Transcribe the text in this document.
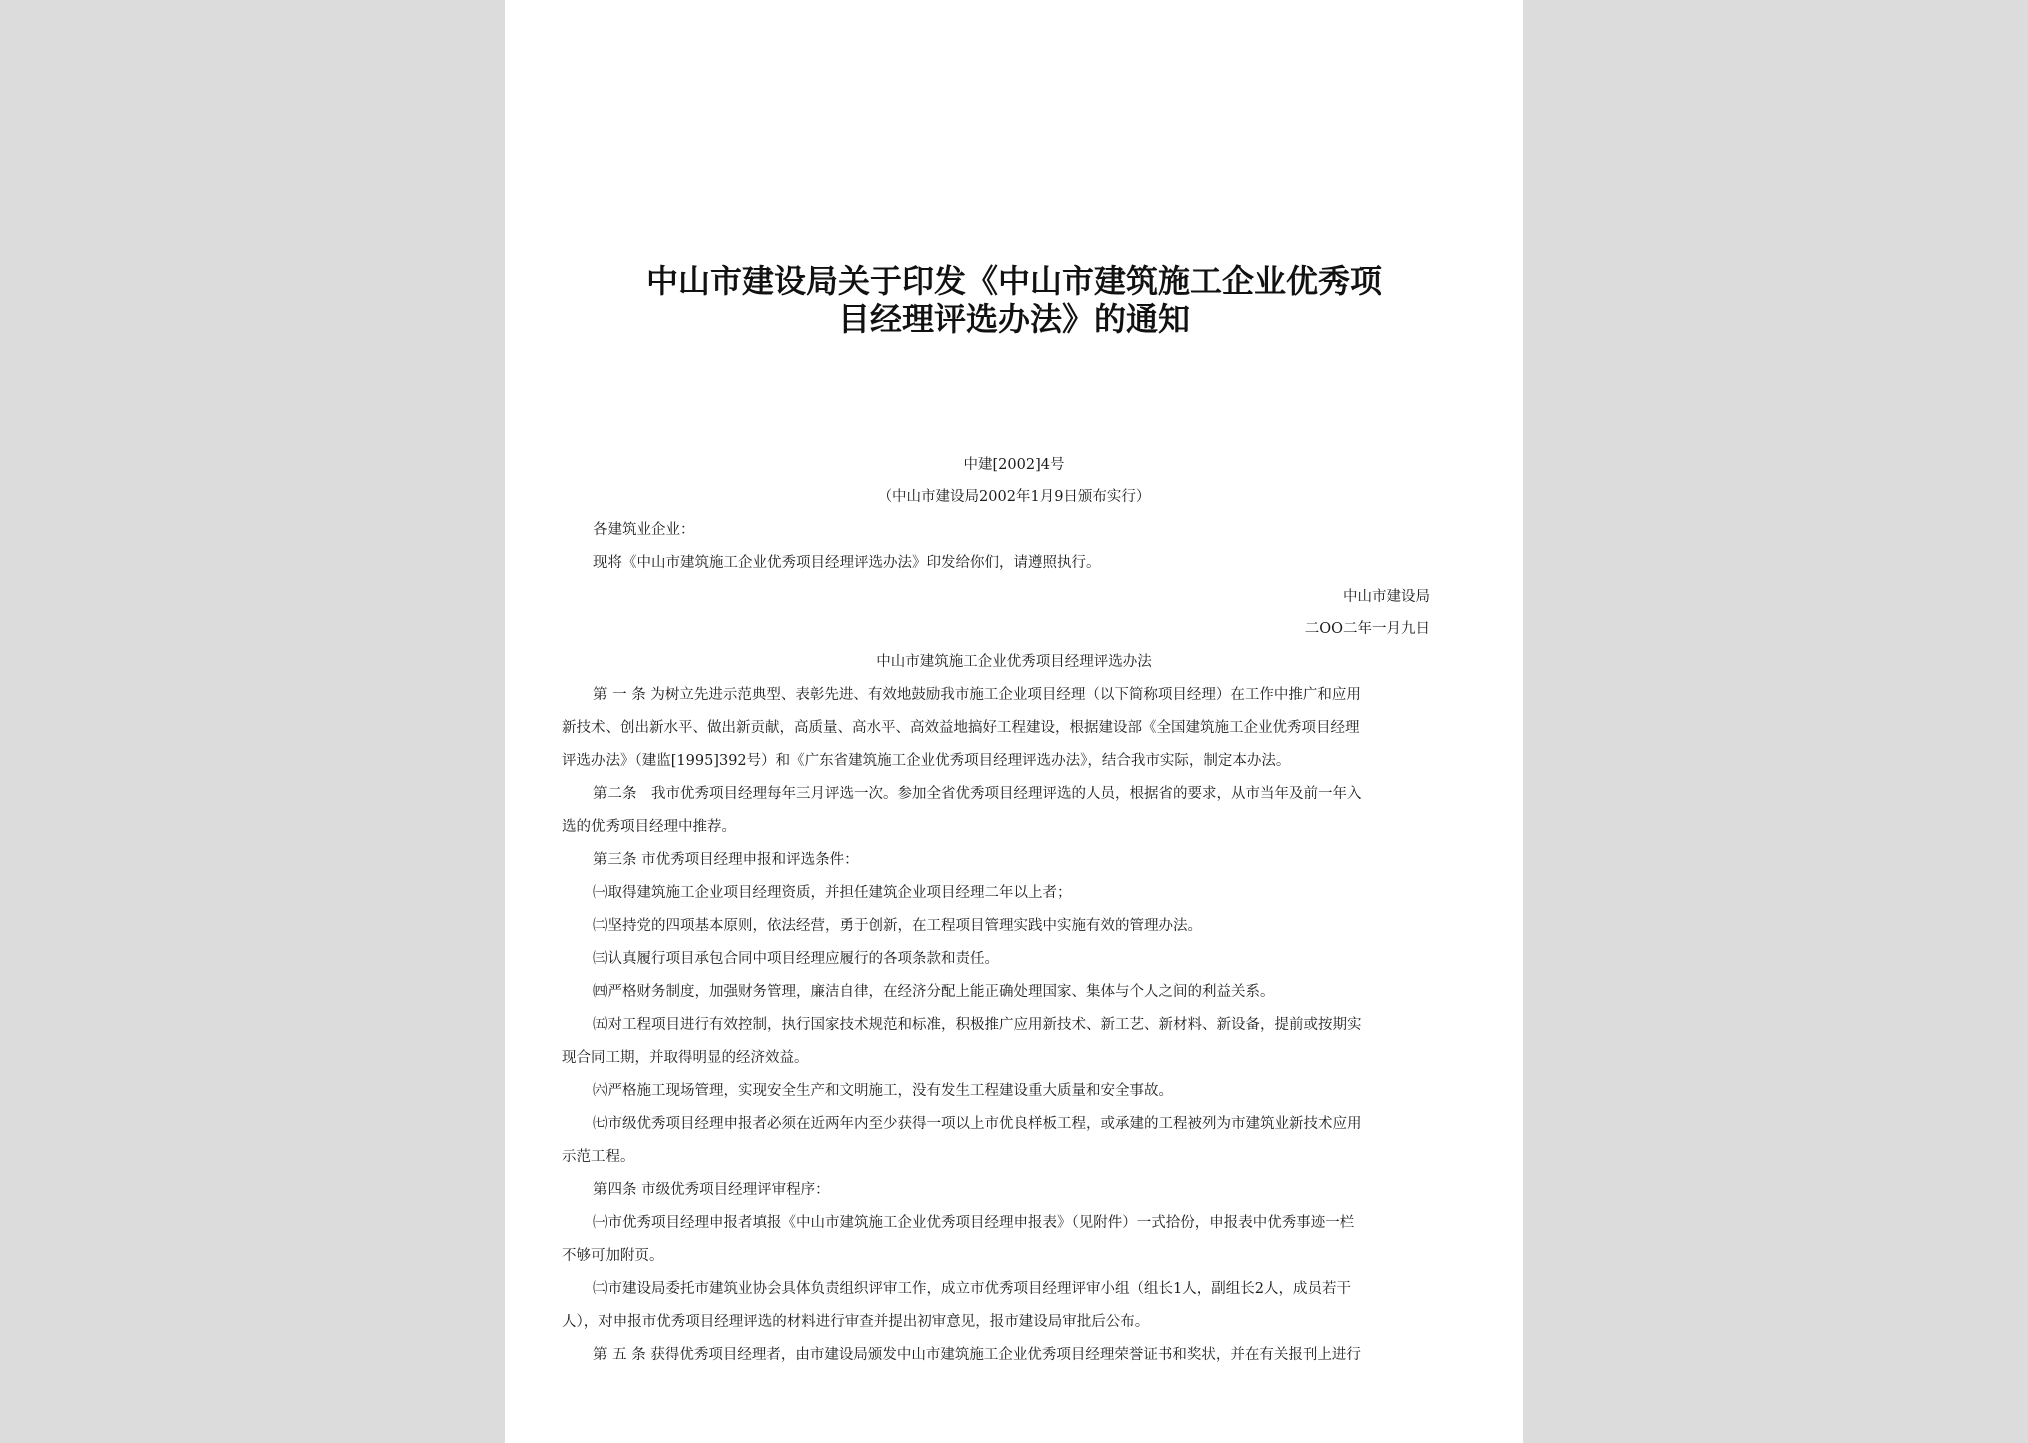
中山市建设局关于印发《中山市建筑施工企业优秀项
目经理评选办法》的通知
中建[2002]4号
（中山市建设局2002年1月9日颁布实行）
各建筑业企业：
现将《中山市建筑施工企业优秀项目经理评选办法》印发给你们，请遵照执行。
中山市建设局
二OO二年一月九日
中山市建筑施工企业优秀项目经理评选办法
第 一 条 为树立先进示范典型、表彰先进、有效地鼓励我市施工企业项目经理（以下简称项目经理）在工作中推广和应用
新技术、创出新水平、做出新贡献，高质量、高水平、高效益地搞好工程建设，根据建设部《全国建筑施工企业优秀项目经理
评选办法》（建监[1995]392号）和《广东省建筑施工企业优秀项目经理评选办法》，结合我市实际，制定本办法。
第二条　我市优秀项目经理每年三月评选一次。参加全省优秀项目经理评选的人员，根据省的要求，从市当年及前一年入
选的优秀项目经理中推荐。
第三条 市优秀项目经理申报和评选条件：
㈠取得建筑施工企业项目经理资质，并担任建筑企业项目经理二年以上者；
㈡坚持党的四项基本原则，依法经营，勇于创新，在工程项目管理实践中实施有效的管理办法。
㈢认真履行项目承包合同中项目经理应履行的各项条款和责任。
㈣严格财务制度，加强财务管理，廉洁自律，在经济分配上能正确处理国家、集体与个人之间的利益关系。
㈤对工程项目进行有效控制，执行国家技术规范和标准，积极推广应用新技术、新工艺、新材料、新设备，提前或按期实
现合同工期，并取得明显的经济效益。
㈥严格施工现场管理，实现安全生产和文明施工，没有发生工程建设重大质量和安全事故。
㈦市级优秀项目经理申报者必须在近两年内至少获得一项以上市优良样板工程，或承建的工程被列为市建筑业新技术应用
示范工程。
第四条 市级优秀项目经理评审程序：
㈠市优秀项目经理申报者填报《中山市建筑施工企业优秀项目经理申报表》（见附件）一式拾份，申报表中优秀事迹一栏
不够可加附页。
㈡市建设局委托市建筑业协会具体负责组织评审工作，成立市优秀项目经理评审小组（组长1人，副组长2人，成员若干
人），对申报市优秀项目经理评选的材料进行审查并提出初审意见，报市建设局审批后公布。
第 五 条 获得优秀项目经理者，由市建设局颁发中山市建筑施工企业优秀项目经理荣誉证书和奖状，并在有关报刊上进行
